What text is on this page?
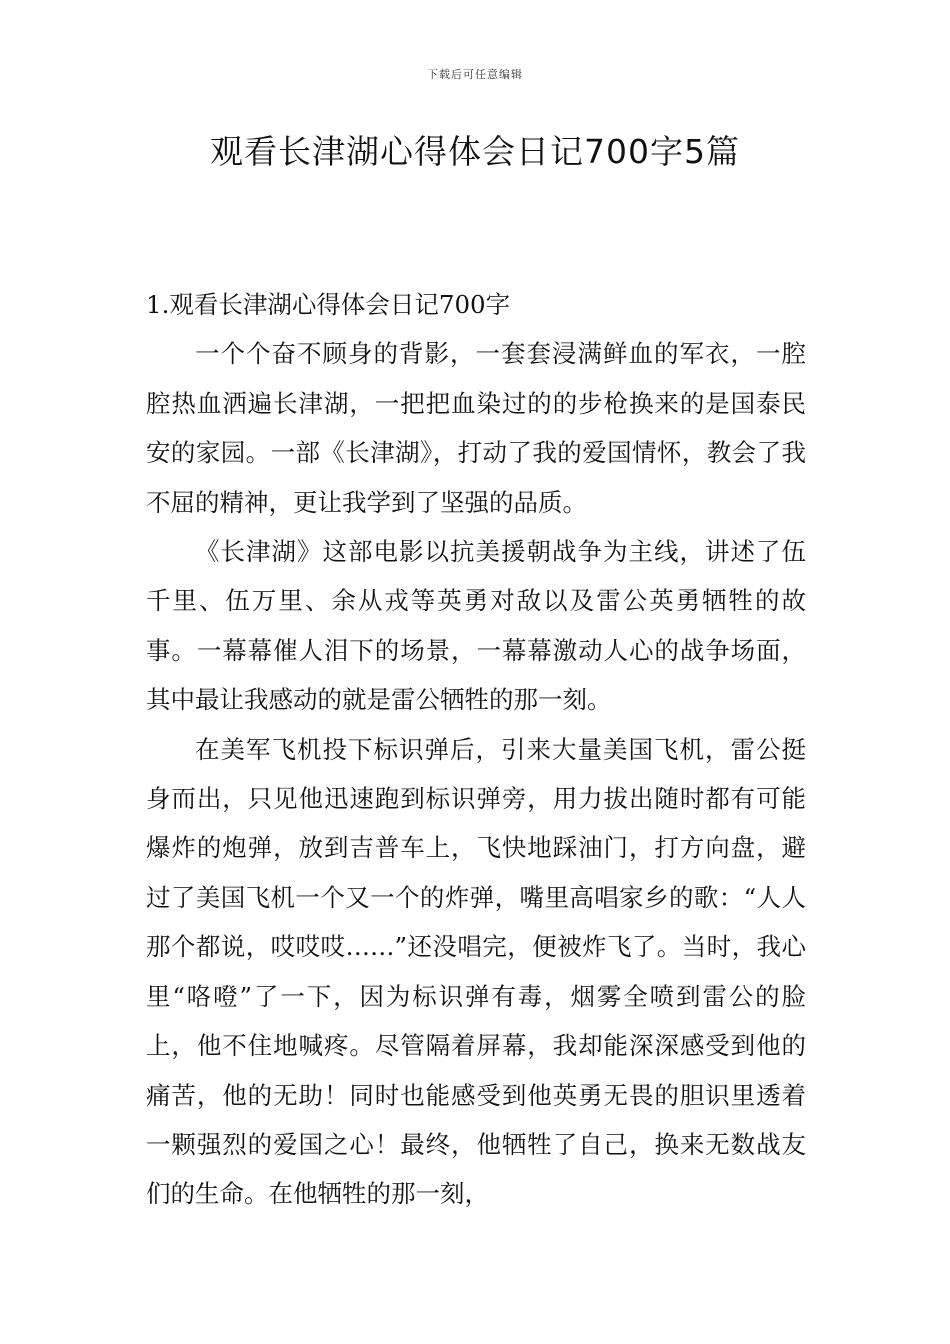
下载后可任意编辑
观看长津湖心得体会日记700字5篇
1.观看长津湖心得体会日记700字

一个个奋不顾身的背影，一套套浸满鲜血的军衣，一腔腔热血洒遍长津湖，一把把血染过的的步枪换来的是国泰民安的家园。一部《长津湖》，打动了我的爱国情怀，教会了我不屈的精神，更让我学到了坚强的品质。

《长津湖》这部电影以抗美援朝战争为主线，讲述了伍千里、伍万里、余从戎等英勇对敌以及雷公英勇牺牲的故事。一幕幕催人泪下的场景，一幕幕激动人心的战争场面，其中最让我感动的就是雷公牺牲的那一刻。

在美军飞机投下标识弹后，引来大量美国飞机，雷公挺身而出，只见他迅速跑到标识弹旁，用力拔出随时都有可能爆炸的炮弹，放到吉普车上，飞快地踩油门，打方向盘，避过了美国飞机一个又一个的炸弹，嘴里高唱家乡的歌：“人人那个都说，哎哎哎……”还没唱完，便被炸飞了。当时，我心里“咯噔”了一下，因为标识弹有毒，烟雾全喷到雷公的脸上，他不住地喊疼。尽管隔着屏幕，我却能深深感受到他的痛苦，他的无助！同时也能感受到他英勇无畏的胆识里透着一颗强烈的爱国之心！最终，他牺牲了自己，换来无数战友们的生命。在他牺牲的那一刻，
